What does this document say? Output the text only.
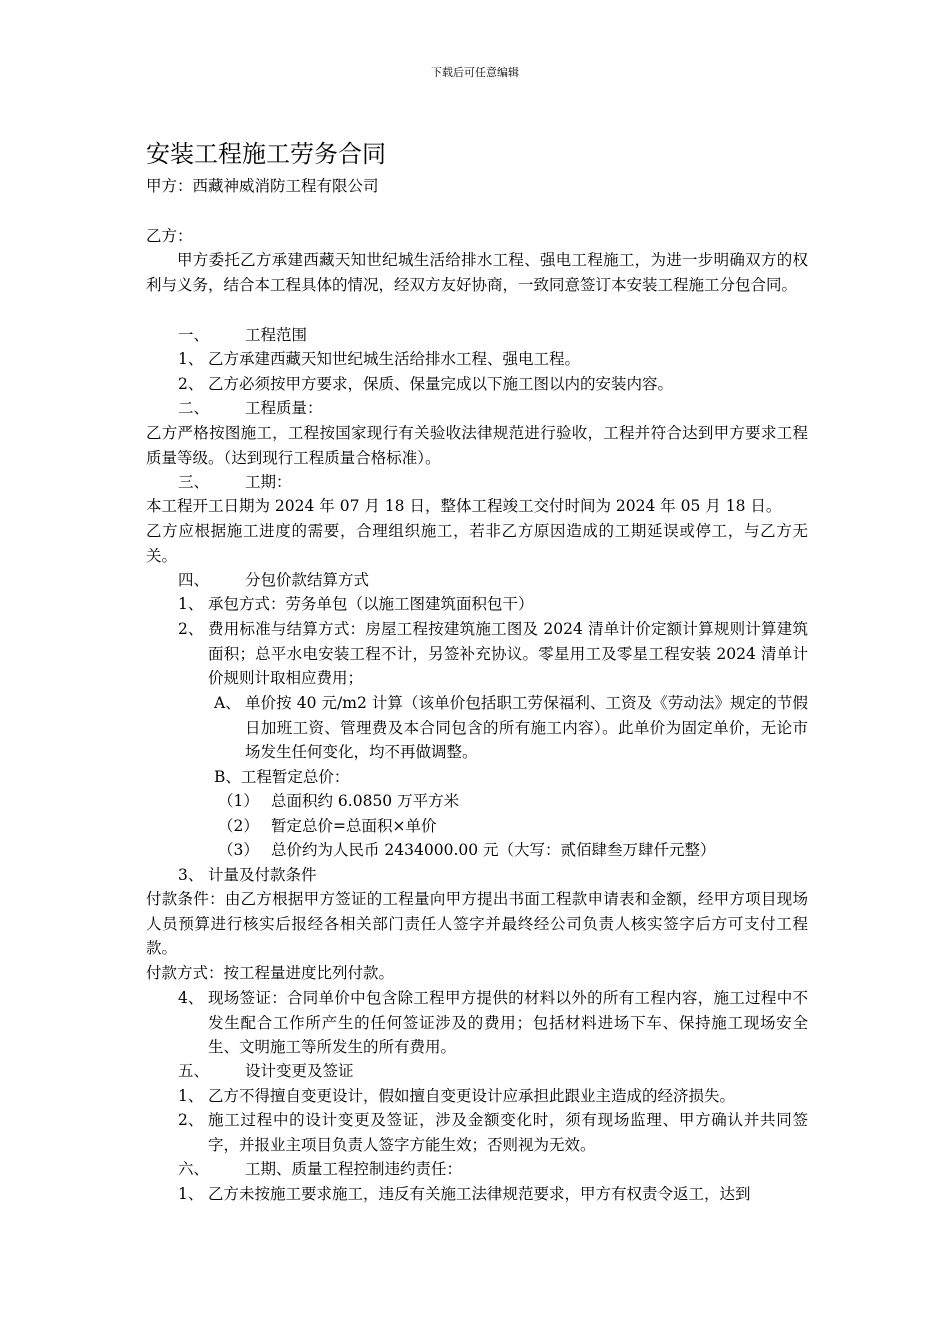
下载后可任意编辑
安装工程施工劳务合同
甲方：西藏神威消防工程有限公司
乙方：
甲方委托乙方承建西藏天知世纪城生活给排水工程、强电工程施工，为进一步明确双方的权利与义务，结合本工程具体的情况，经双方友好协商，一致同意签订本安装工程施工分包合同。
一、 工程范围
1、 乙方承建西藏天知世纪城生活给排水工程、强电工程。
2、 乙方必须按甲方要求，保质、保量完成以下施工图以内的安装内容。
二、 工程质量：
乙方严格按图施工，工程按国家现行有关验收法律规范进行验收，工程并符合达到甲方要求工程质量等级。（达到现行工程质量合格标准）。
三、 工期：
本工程开工日期为 2024 年 07 月 18 日，整体工程竣工交付时间为 2024 年 05 月 18 日。
乙方应根据施工进度的需要，合理组织施工，若非乙方原因造成的工期延误或停工，与乙方无关。
四、 分包价款结算方式
1、 承包方式：劳务单包（以施工图建筑面积包干）
2、 费用标准与结算方式：房屋工程按建筑施工图及 2024 清单计价定额计算规则计算建筑面积；总平水电安装工程不计，另签补充协议。零星用工及零星工程安装 2024 清单计价规则计取相应费用；
A、 单价按 40 元/m2 计算（该单价包括职工劳保福利、工资及《劳动法》规定的节假日加班工资、管理费及本合同包含的所有施工内容）。此单价为固定单价，无论市场发生任何变化，均不再做调整。
B、工程暂定总价：
（1） 总面积约 6.0850 万平方米
（2） 暂定总价=总面积×单价
（3） 总价约为人民币 2434000.00 元（大写：贰佰肆叁万肆仟元整）
3、 计量及付款条件
付款条件：由乙方根据甲方签证的工程量向甲方提出书面工程款申请表和金额，经甲方项目现场人员预算进行核实后报经各相关部门责任人签字并最终经公司负责人核实签字后方可支付工程款。
付款方式：按工程量进度比列付款。
4、 现场签证：合同单价中包含除工程甲方提供的材料以外的所有工程内容，施工过程中不发生配合工作所产生的任何签证涉及的费用；包括材料进场下车、保持施工现场安全生、文明施工等所发生的所有费用。
五、 设计变更及签证
1、 乙方不得擅自变更设计，假如擅自变更设计应承担此跟业主造成的经济损失。
2、 施工过程中的设计变更及签证，涉及金额变化时，须有现场监理、甲方确认并共同签字，并报业主项目负责人签字方能生效；否则视为无效。
六、 工期、质量工程控制违约责任：
1、 乙方未按施工要求施工，违反有关施工法律规范要求，甲方有权责令返工，达到
